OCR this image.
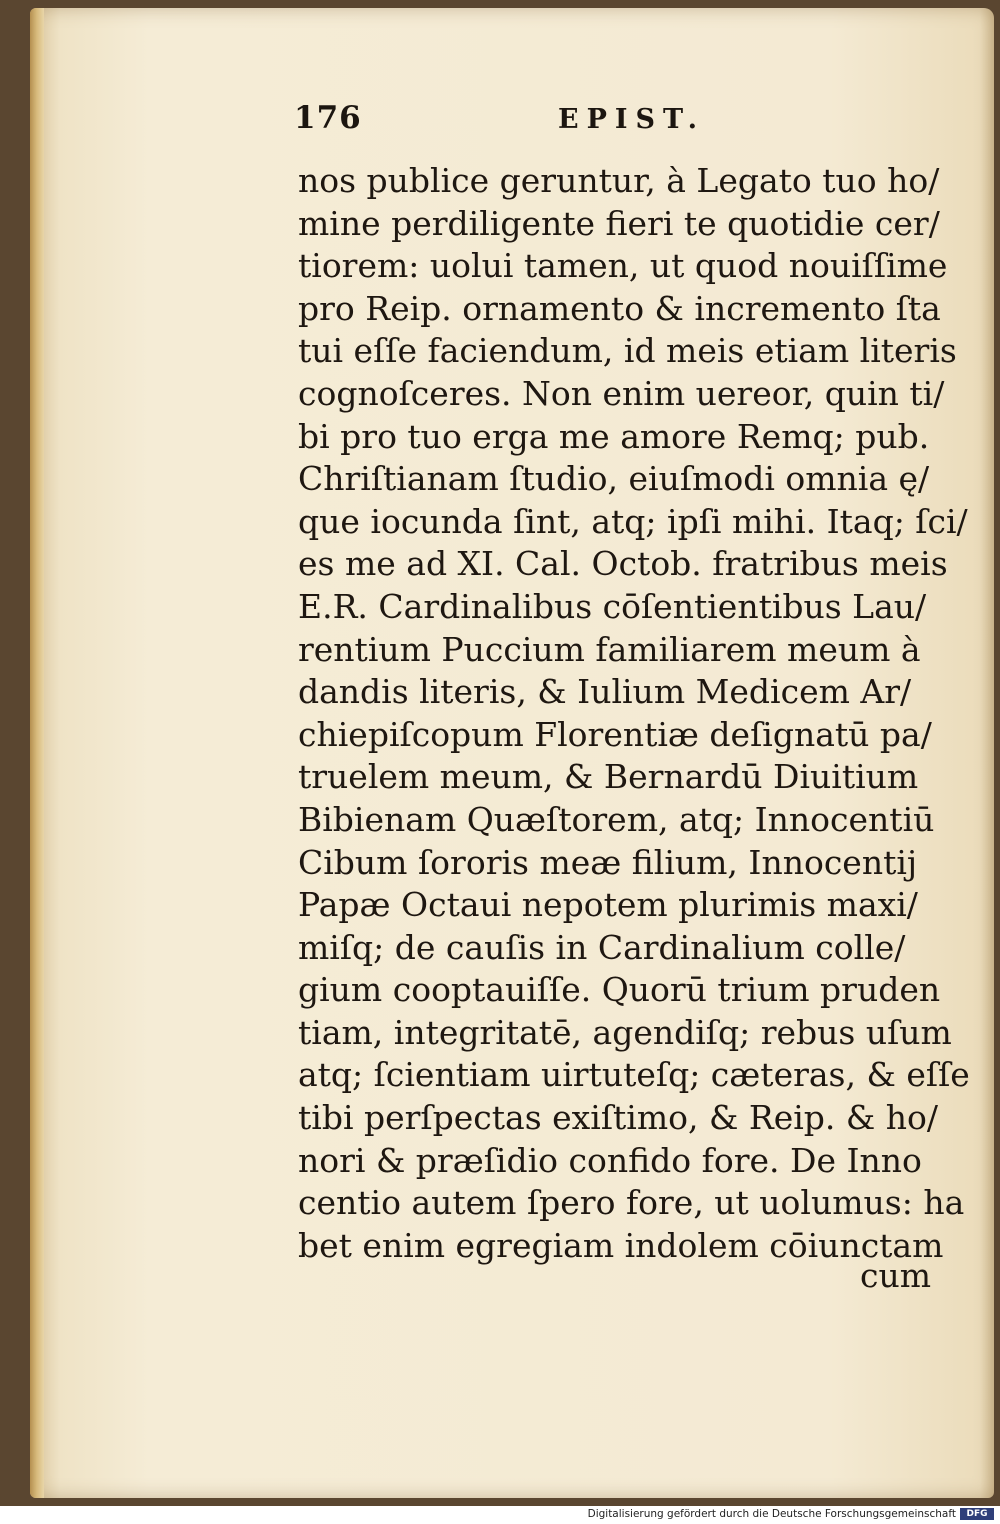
176	EPIST.
nos publice geruntur, à Legato tuo ho/
mine perdiligente fieri te quotidie cer/
tiorem: uolui tamen, ut quod nouiſſime
pro Reip. ornamento & incremento ſta
tui eſſe faciendum, id meis etiam literis
cognoſceres. Non enim uereor, quin ti/
bi pro tuo erga me amore Remq; pub.
Chriſtianam ſtudio, eiuſmodi omnia ę/
que iocunda ſint, atq; ipſi mihi. Itaq; ſci/
es me ad XI. Cal. Octob. fratribus meis
E.R. Cardinalibus cōſentientibus Lau/
rentium Puccium familiarem meum à
dandis literis, & Iulium Medicem Ar/
chiepiſcopum Florentiæ deſignatū pa/
truelem meum, & Bernardū Diuitium
Bibienam Quæſtorem, atq; Innocentiū
Cibum ſororis meæ filium, Innocentij
Papæ Octaui nepotem plurimis maxi/
miſq; de cauſis in Cardinalium colle/
gium cooptauiſſe. Quorū trium pruden
tiam, integritatē, agendiſq; rebus uſum
atq; ſcientiam uirtuteſq; cæteras, & eſſe
tibi perſpectas exiſtimo, & Reip. & ho/
nori & præſidio confido fore. De Inno
centio autem ſpero fore, ut uolumus: ha
bet enim egregiam indolem cōiunctam
cum
Digitalisierung gefördert durch die Deutsche Forschungsgemeinschaft	DFG
